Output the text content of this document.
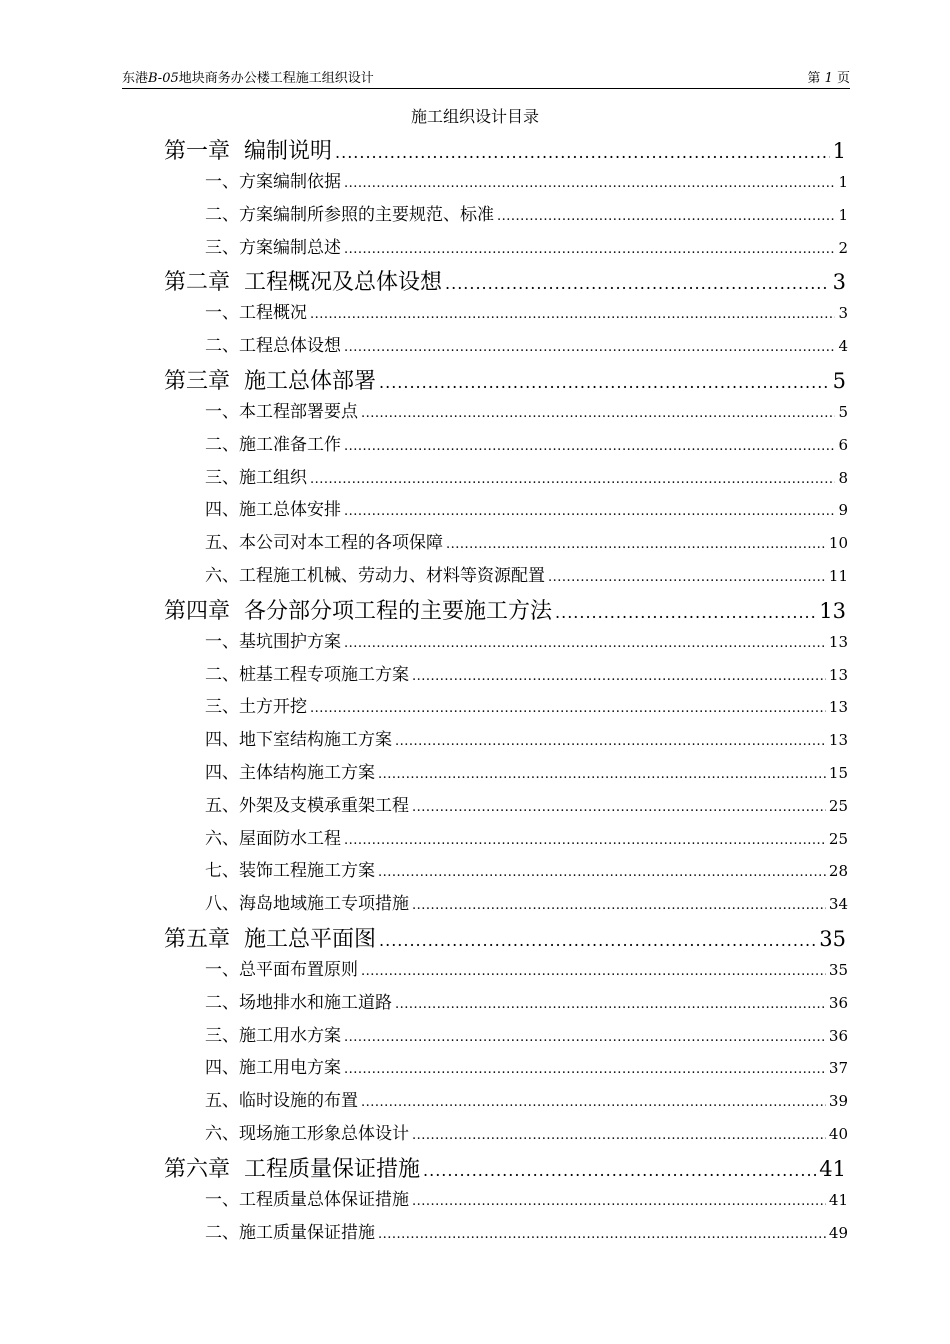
东港B-05地块商务办公楼工程施工组织设计	第 1 页
施工组织设计目录
第一章 编制说明 .....	1
一、方案编制依据 .....	1
二、方案编制所参照的主要规范、标准 .....	1
三、方案编制总述 .....	2
第二章 工程概况及总体设想 .....	3
一、工程概况 .....	3
二、工程总体设想 .....	4
第三章 施工总体部署 .....	5
一、本工程部署要点 .....	5
二、施工准备工作 .....	6
三、施工组织 .....	8
四、施工总体安排 .....	9
五、本公司对本工程的各项保障 .....	10
六、工程施工机械、劳动力、材料等资源配置 .....	11
第四章 各分部分项工程的主要施工方法 .....	13
一、基坑围护方案 .....	13
二、桩基工程专项施工方案 .....	13
三、土方开挖 .....	13
四、地下室结构施工方案 .....	13
四、主体结构施工方案 .....	15
五、外架及支模承重架工程 .....	25
六、屋面防水工程 .....	25
七、装饰工程施工方案 .....	28
八、海岛地域施工专项措施 .....	34
第五章 施工总平面图 .....	35
一、总平面布置原则 .....	35
二、场地排水和施工道路 .....	36
三、施工用水方案 .....	36
四、施工用电方案 .....	37
五、临时设施的布置 .....	39
六、现场施工形象总体设计 .....	40
第六章 工程质量保证措施 .....	41
一、工程质量总体保证措施 .....	41
二、施工质量保证措施 .....	49
